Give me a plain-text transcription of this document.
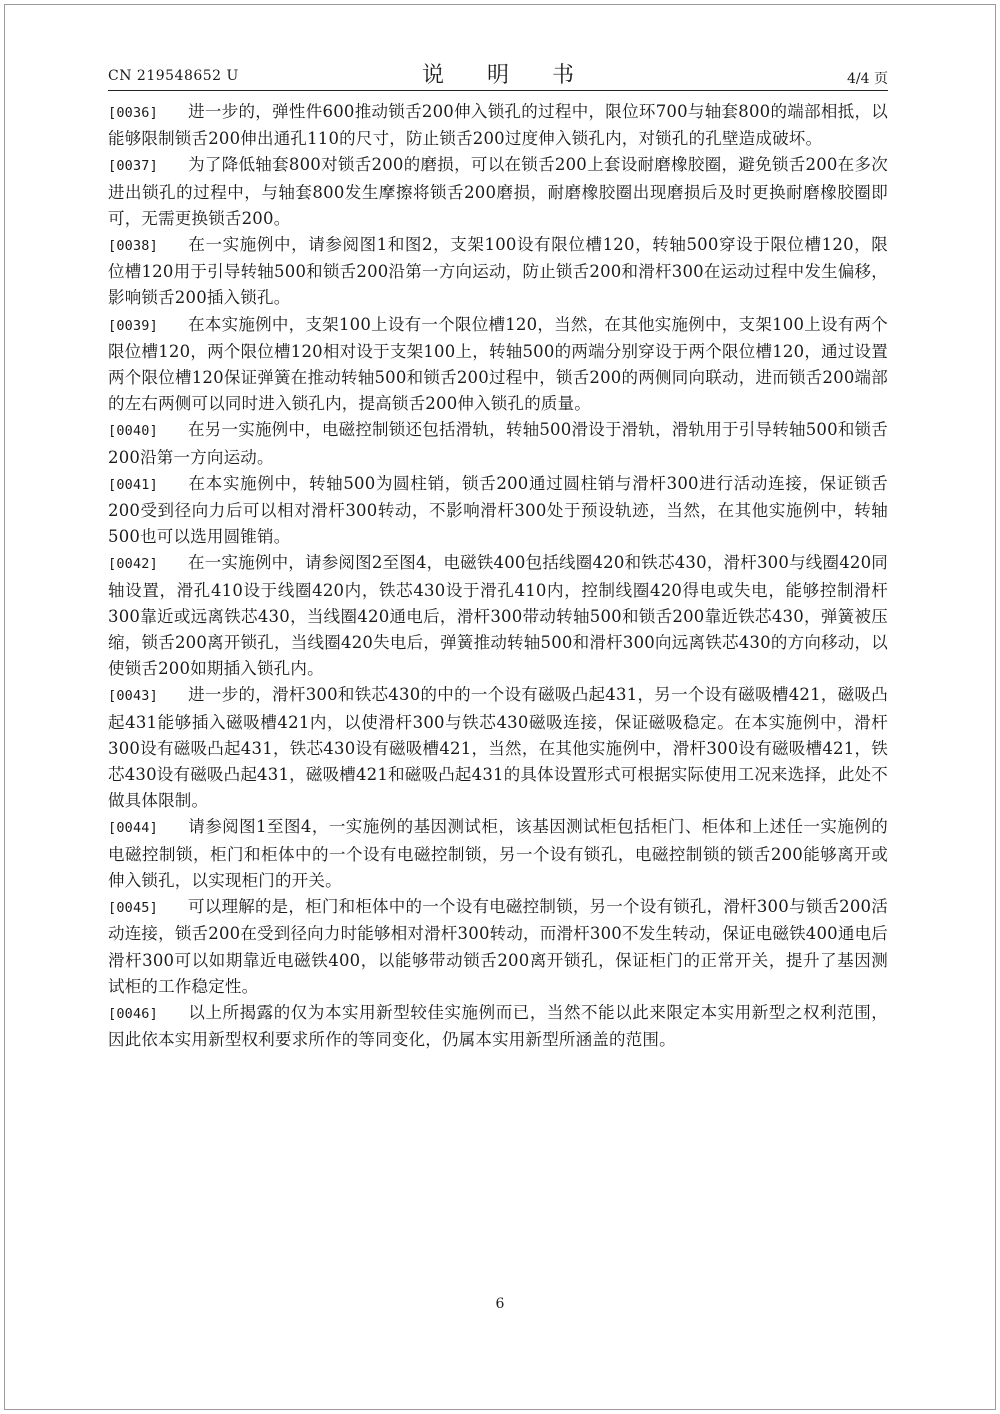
CN 219548652 U	说 明 书	4/4 页

[0036] 进一步的，弹性件600推动锁舌200伸入锁孔的过程中，限位环700与轴套800的端部相抵，以能够限制锁舌200伸出通孔110的尺寸，防止锁舌200过度伸入锁孔内，对锁孔的孔壁造成破坏。

[0037] 为了降低轴套800对锁舌200的磨损，可以在锁舌200上套设耐磨橡胶圈，避免锁舌200在多次进出锁孔的过程中，与轴套800发生摩擦将锁舌200磨损，耐磨橡胶圈出现磨损后及时更换耐磨橡胶圈即可，无需更换锁舌200。

[0038] 在一实施例中，请参阅图1和图2，支架100设有限位槽120，转轴500穿设于限位槽120，限位槽120用于引导转轴500和锁舌200沿第一方向运动，防止锁舌200和滑杆300在运动过程中发生偏移，影响锁舌200插入锁孔。

[0039] 在本实施例中，支架100上设有一个限位槽120，当然，在其他实施例中，支架100上设有两个限位槽120，两个限位槽120相对设于支架100上，转轴500的两端分别穿设于两个限位槽120，通过设置两个限位槽120保证弹簧在推动转轴500和锁舌200过程中，锁舌200的两侧同向联动，进而锁舌200端部的左右两侧可以同时进入锁孔内，提高锁舌200伸入锁孔的质量。

[0040] 在另一实施例中，电磁控制锁还包括滑轨，转轴500滑设于滑轨，滑轨用于引导转轴500和锁舌200沿第一方向运动。

[0041] 在本实施例中，转轴500为圆柱销，锁舌200通过圆柱销与滑杆300进行活动连接，保证锁舌200受到径向力后可以相对滑杆300转动，不影响滑杆300处于预设轨迹，当然，在其他实施例中，转轴500也可以选用圆锥销。

[0042] 在一实施例中，请参阅图2至图4，电磁铁400包括线圈420和铁芯430，滑杆300与线圈420同轴设置，滑孔410设于线圈420内，铁芯430设于滑孔410内，控制线圈420得电或失电，能够控制滑杆300靠近或远离铁芯430，当线圈420通电后，滑杆300带动转轴500和锁舌200靠近铁芯430，弹簧被压缩，锁舌200离开锁孔，当线圈420失电后，弹簧推动转轴500和滑杆300向远离铁芯430的方向移动，以使锁舌200如期插入锁孔内。

[0043] 进一步的，滑杆300和铁芯430的中的一个设有磁吸凸起431，另一个设有磁吸槽421，磁吸凸起431能够插入磁吸槽421内，以使滑杆300与铁芯430磁吸连接，保证磁吸稳定。在本实施例中，滑杆300设有磁吸凸起431，铁芯430设有磁吸槽421，当然，在其他实施例中，滑杆300设有磁吸槽421，铁芯430设有磁吸凸起431，磁吸槽421和磁吸凸起431的具体设置形式可根据实际使用工况来选择，此处不做具体限制。

[0044] 请参阅图1至图4，一实施例的基因测试柜，该基因测试柜包括柜门、柜体和上述任一实施例的电磁控制锁，柜门和柜体中的一个设有电磁控制锁，另一个设有锁孔，电磁控制锁的锁舌200能够离开或伸入锁孔，以实现柜门的开关。

[0045] 可以理解的是，柜门和柜体中的一个设有电磁控制锁，另一个设有锁孔，滑杆300与锁舌200活动连接，锁舌200在受到径向力时能够相对滑杆300转动，而滑杆300不发生转动，保证电磁铁400通电后滑杆300可以如期靠近电磁铁400，以能够带动锁舌200离开锁孔，保证柜门的正常开关，提升了基因测试柜的工作稳定性。

[0046] 以上所揭露的仅为本实用新型较佳实施例而已，当然不能以此来限定本实用新型之权利范围，因此依本实用新型权利要求所作的等同变化，仍属本实用新型所涵盖的范围。

6
